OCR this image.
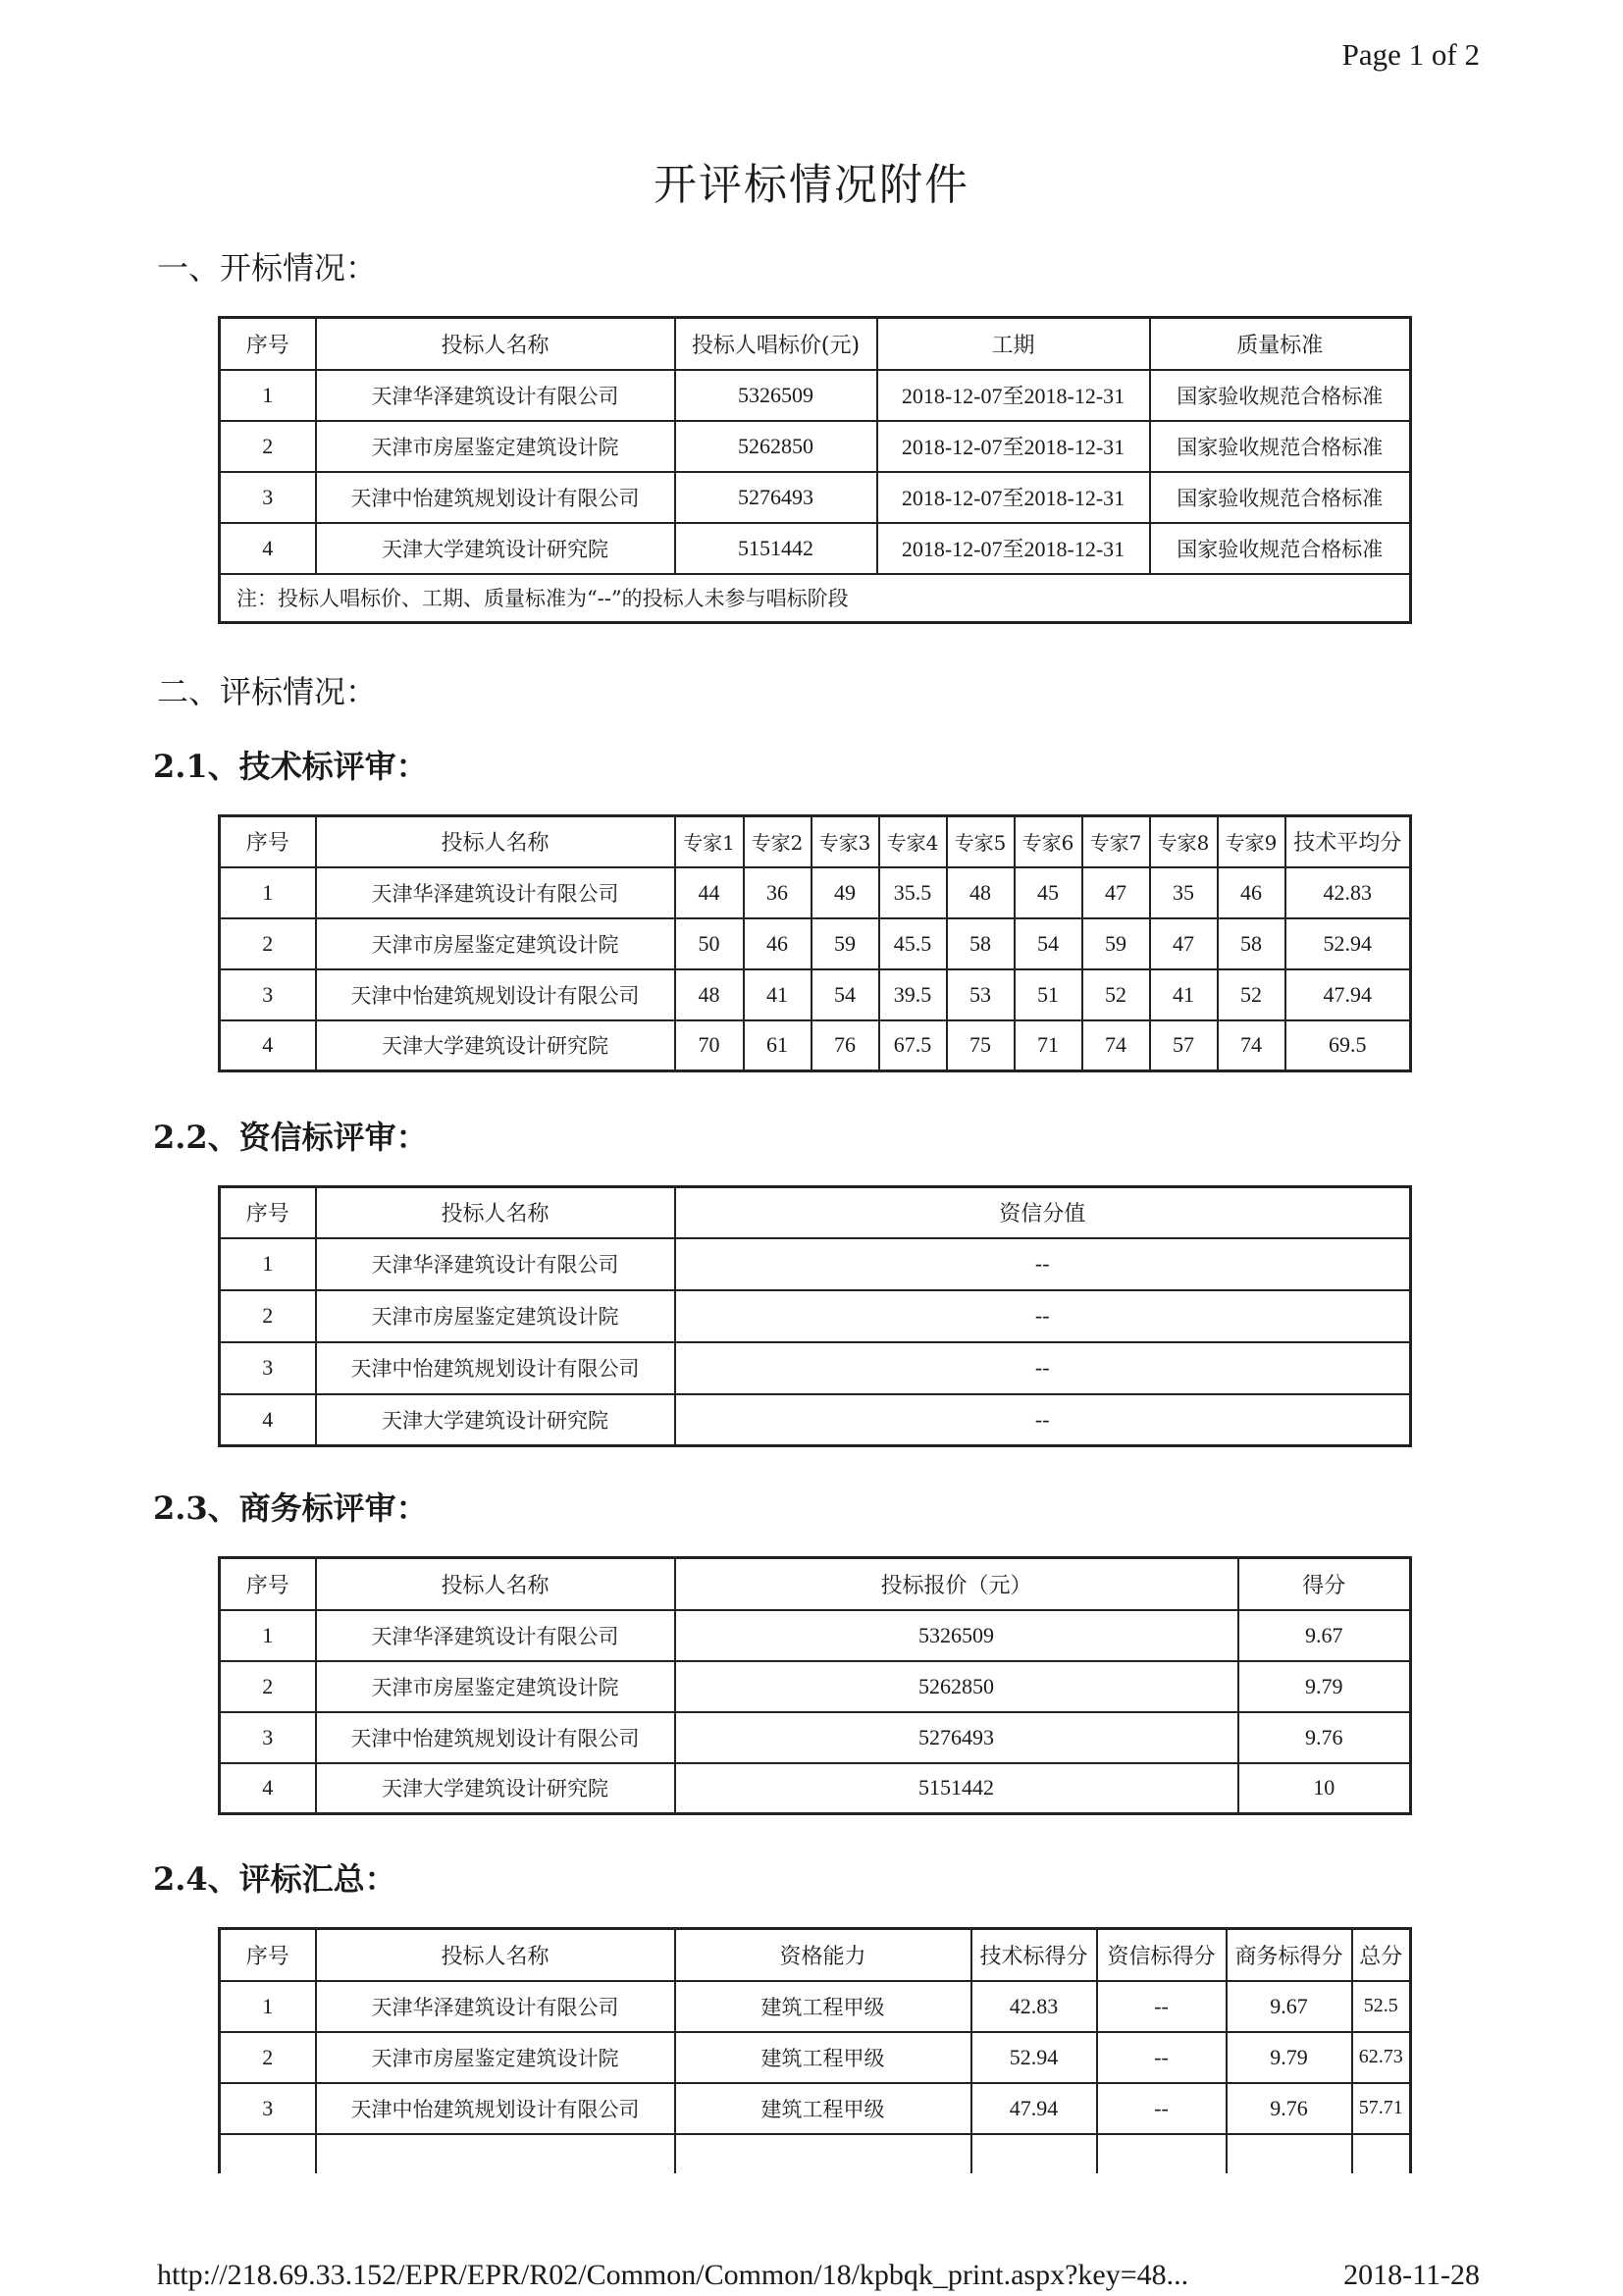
Page 1 of 2
开评标情况附件
一、开标情况：
序号	投标人名称	投标人唱标价(元)	工期	质量标准
1	天津华泽建筑设计有限公司	5326509	2018-12-07至2018-12-31	国家验收规范合格标准
2	天津市房屋鉴定建筑设计院	5262850	2018-12-07至2018-12-31	国家验收规范合格标准
3	天津中怡建筑规划设计有限公司	5276493	2018-12-07至2018-12-31	国家验收规范合格标准
4	天津大学建筑设计研究院	5151442	2018-12-07至2018-12-31	国家验收规范合格标准
注：投标人唱标价、工期、质量标准为“--”的投标人未参与唱标阶段				
二、评标情况：
2.1、技术标评审：
序号	投标人名称	专家1	专家2	专家3	专家4	专家5	专家6	专家7	专家8	专家9	技术平均分
1	天津华泽建筑设计有限公司	44	36	49	35.5	48	45	47	35	46	42.83
2	天津市房屋鉴定建筑设计院	50	46	59	45.5	58	54	59	47	58	52.94
3	天津中怡建筑规划设计有限公司	48	41	54	39.5	53	51	52	41	52	47.94
4	天津大学建筑设计研究院	70	61	76	67.5	75	71	74	57	74	69.5
2.2、资信标评审：
序号	投标人名称	资信分值
1	天津华泽建筑设计有限公司	--
2	天津市房屋鉴定建筑设计院	--
3	天津中怡建筑规划设计有限公司	--
4	天津大学建筑设计研究院	--
2.3、商务标评审：
序号	投标人名称	投标报价（元）	得分
1	天津华泽建筑设计有限公司	5326509	9.67
2	天津市房屋鉴定建筑设计院	5262850	9.79
3	天津中怡建筑规划设计有限公司	5276493	9.76
4	天津大学建筑设计研究院	5151442	10
2.4、评标汇总：
序号	投标人名称	资格能力	技术标得分	资信标得分	商务标得分	总分
1	天津华泽建筑设计有限公司	建筑工程甲级	42.83	--	9.67	52.5
2	天津市房屋鉴定建筑设计院	建筑工程甲级	52.94	--	9.79	62.73
3	天津中怡建筑规划设计有限公司	建筑工程甲级	47.94	--	9.76	57.71

http://218.69.33.152/EPR/EPR/R02/Common/Common/18/kpbqk_print.aspx?key=48...	2018-11-28
